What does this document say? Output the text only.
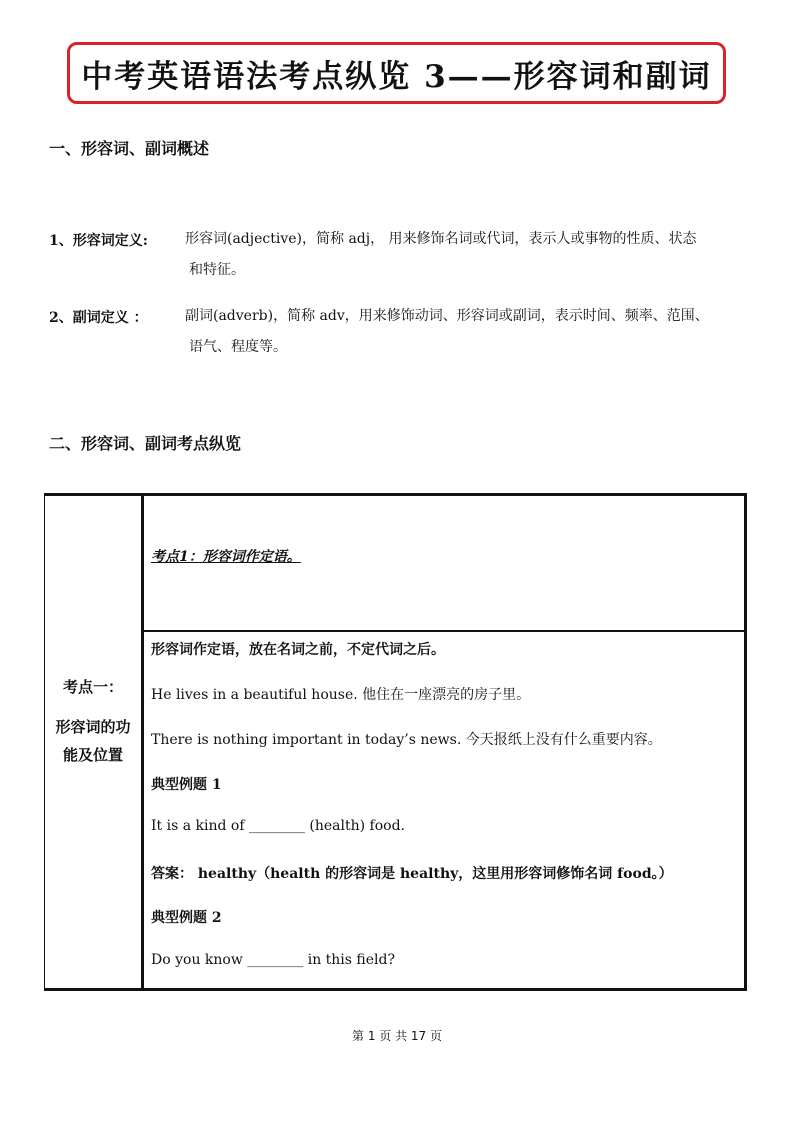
中考英语语法考点纵览 3——形容词和副词
一、形容词、副词概述
1、形容词定义:	形容词(adjective)，简称 adj， 用来修饰名词或代词，表示人或事物的性质、状态
和特征。
2、副词定义 ：	副词(adverb)，简称 adv，用来修饰动词、形容词或副词，表示时间、频率、范围、
语气、程度等。
二、形容词、副词考点纵览
考点一：
形容词的功
能及位置
考点1：形容词作定语。
形容词作定语，放在名词之前，不定代词之后。
He lives in a beautiful house. 他住在一座漂亮的房子里。
There is nothing important in today’s news. 今天报纸上没有什么重要内容。
典型例题 1
It is a kind of ________ (health) food.
答案： healthy（health 的形容词是 healthy，这里用形容词修饰名词 food。）
典型例题 2
Do you know ________ in this field?
第 1 页 共 17 页
